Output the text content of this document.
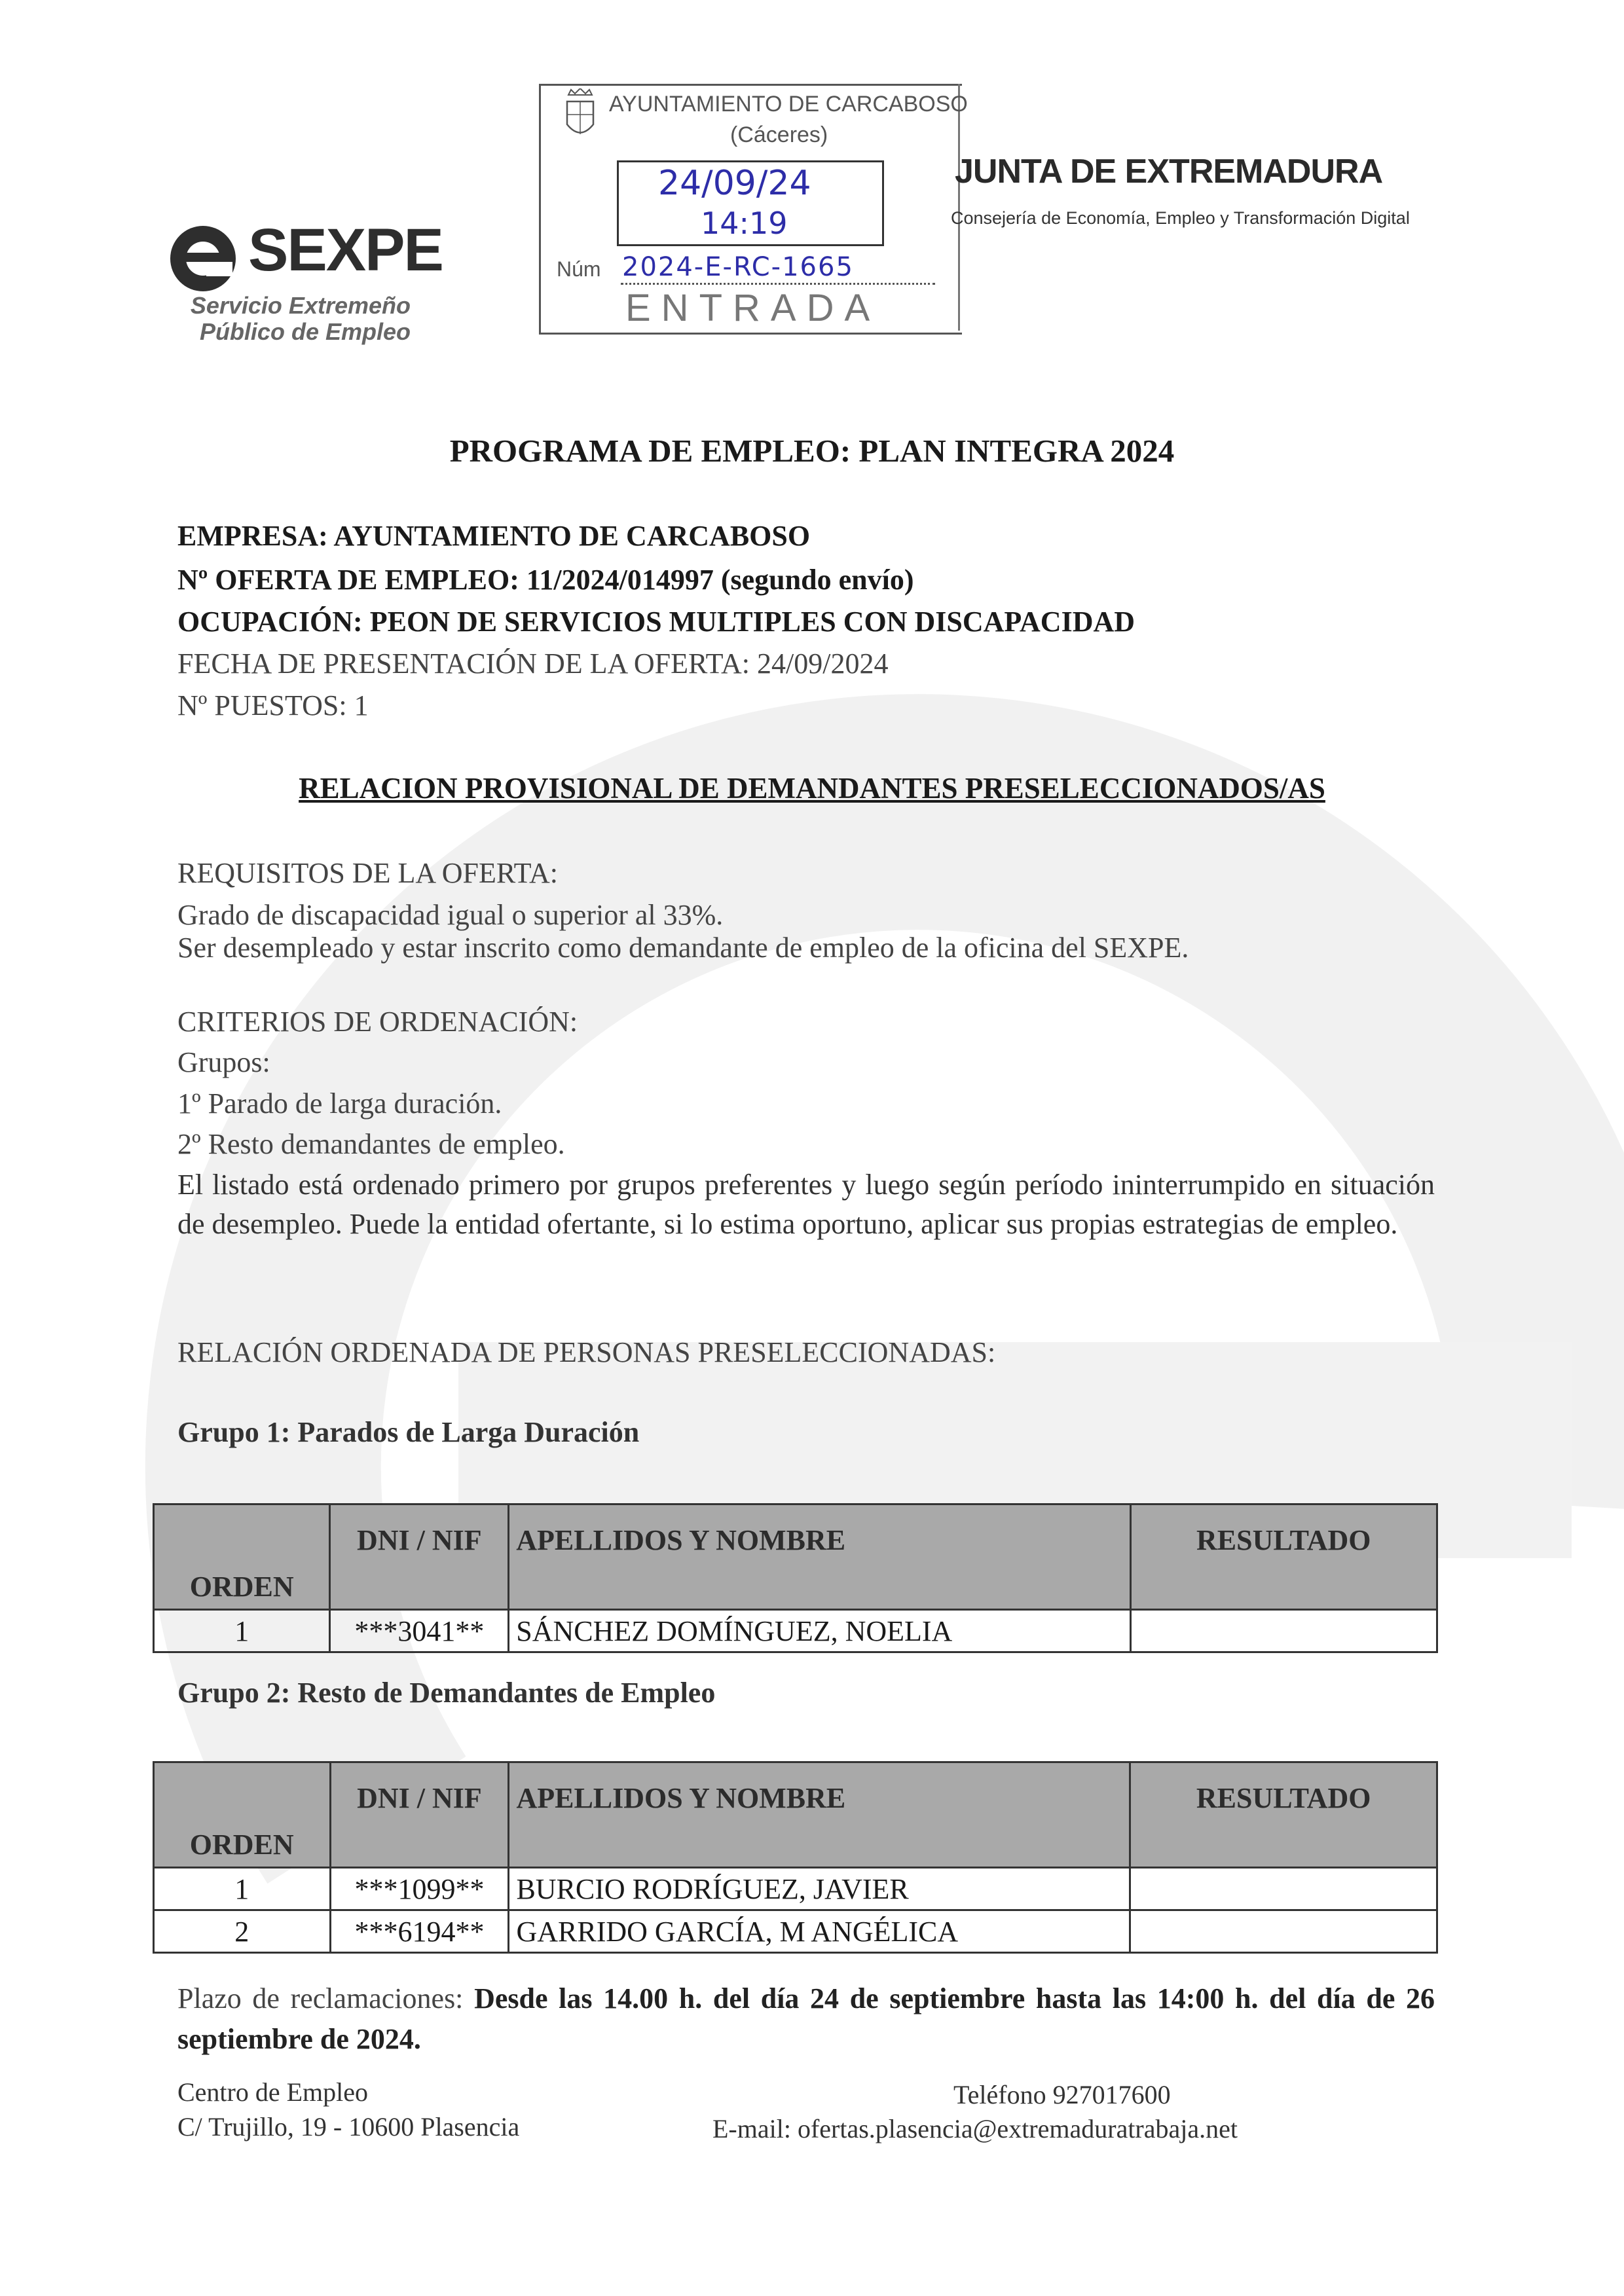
SEXPE
Servicio Extremeño
Público de Empleo
AYUNTAMIENTO DE CARCABOSO
(Cáceres)
24/09/24
14:19
Núm 2024-E-RC-1665
ENTRADA
JUNTA DE EXTREMADURA
Consejería de Economía, Empleo y Transformación Digital
PROGRAMA DE EMPLEO: PLAN INTEGRA 2024
EMPRESA: AYUNTAMIENTO DE CARCABOSO
Nº OFERTA DE EMPLEO: 11/2024/014997 (segundo envío)
OCUPACIÓN: PEON DE SERVICIOS MULTIPLES CON DISCAPACIDAD
FECHA DE PRESENTACIÓN DE LA OFERTA: 24/09/2024
Nº PUESTOS: 1
RELACION PROVISIONAL DE DEMANDANTES PRESELECCIONADOS/AS
REQUISITOS DE LA OFERTA:
Grado de discapacidad igual o superior al 33%.
Ser desempleado y estar inscrito como demandante de empleo de la oficina del SEXPE.
CRITERIOS DE ORDENACIÓN:
Grupos:
1º Parado de larga duración.
2º Resto demandantes de empleo.
El listado está ordenado primero por grupos preferentes y luego según período ininterrumpido en situación de desempleo. Puede la entidad ofertante, si lo estima oportuno, aplicar sus propias estrategias de empleo.
RELACIÓN ORDENADA DE PERSONAS PRESELECCIONADAS:
Grupo 1: Parados de Larga Duración
ORDEN	DNI / NIF	APELLIDOS Y NOMBRE	RESULTADO
1	***3041**	SÁNCHEZ DOMÍNGUEZ, NOELIA	
Grupo 2: Resto de Demandantes de Empleo
ORDEN	DNI / NIF	APELLIDOS Y NOMBRE	RESULTADO
1	***1099**	BURCIO RODRÍGUEZ, JAVIER	
2	***6194**	GARRIDO GARCÍA, M ANGÉLICA	
Plazo de reclamaciones: Desde las 14.00 h. del día 24 de septiembre hasta las 14:00 h. del día de 26 septiembre de 2024.
Centro de Empleo
C/ Trujillo, 19 - 10600 Plasencia
Teléfono 927017600
E-mail: ofertas.plasencia@extremaduratrabaja.net
